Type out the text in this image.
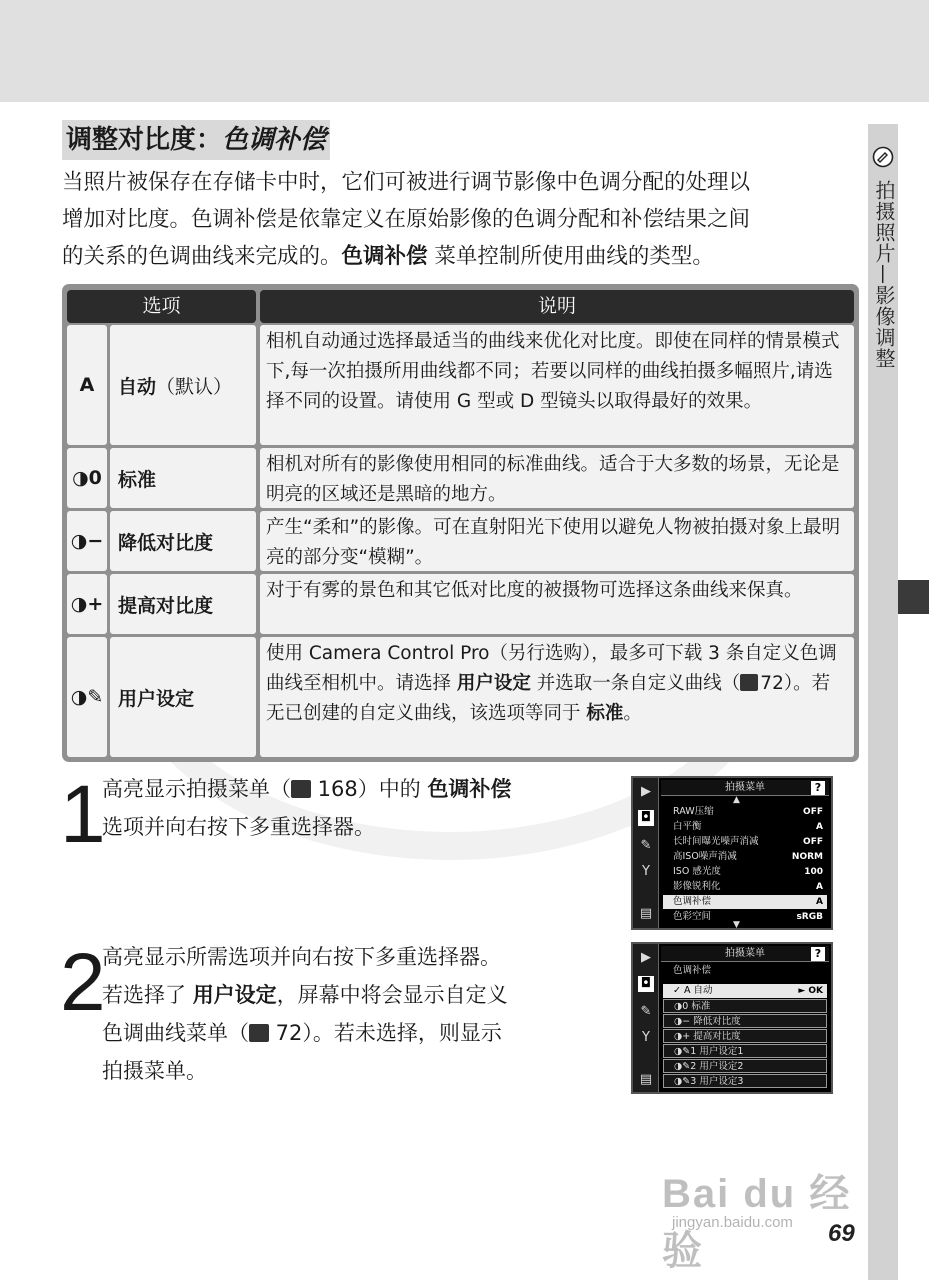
拍摄照片—影像调整
调整对比度：色调补偿
当照片被保存在存储卡中时，它们可被进行调节影像中色调分配的处理以
增加对比度。色调补偿是依靠定义在原始影像的色调分配和补偿结果之间
的关系的色调曲线来完成的。色调补偿 菜单控制所使用曲线的类型。
选项	说明
A	自动 （默认）
相机自动通过选择最适当的曲线来优化对比度。即使在同样的情景模式下,每一次拍摄所用曲线都不同；若要以同样的曲线拍摄多幅照片,请选择不同的设置。请使用 G 型或 D 型镜头以取得最好的效果。
◑0 标准
相机对所有的影像使用相同的标准曲线。适合于大多数的场景，无论是明亮的区域还是黑暗的地方。
◑− 降低对比度
产生“柔和”的影像。可在直射阳光下使用以避免人物被拍摄对象上最明亮的部分变“模糊”。
◑+ 提高对比度
对于有雾的景色和其它低对比度的被摄物可选择这条曲线来保真。
◑✎ 用户设定
使用 Camera Control Pro（另行选购），最多可下载 3 条自定义色调曲线至相机中。请选择 用户设定 并选取一条自定义曲线（ 72）。若无已创建的自定义曲线，该选项等同于 标准。
1
高亮显示拍摄菜单（ 168）中的 色调补偿
选项并向右按下多重选择器。
▶
◘
✎
Y
▤
拍摄菜单	?
▲
RAW压缩	OFF
白平衡	A
长时间曝光噪声消减	OFF
高ISO噪声消减	NORM
ISO 感光度	100
影像锐利化	A
色调补偿	A
色彩空间	sRGB
▼
2
高亮显示所需选项并向右按下多重选择器。
若选择了 用户设定，屏幕中将会显示自定义
色调曲线菜单（ 72）。若未选择，则显示
拍摄菜单。
▶
◘
✎
Y
▤
拍摄菜单	?
色调补偿
✓ A 自动	► OK
◑0 标准
◑− 降低对比度
◑+ 提高对比度
◑✎1 用户设定1
◑✎2 用户设定2
◑✎3 用户设定3
Bai du 经验
jingyan.baidu.com 69
